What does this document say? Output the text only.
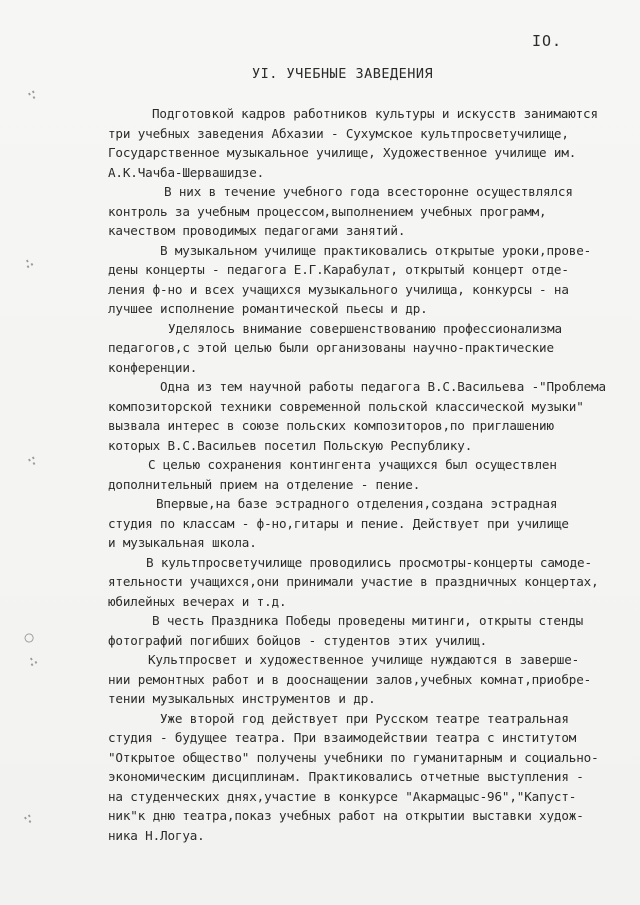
IO.
УI. УЧЕБНЫЕ ЗАВЕДЕНИЯ
Подготовкой кадров работников культуры и искусств занимаются
три учебных заведения Абхазии - Сухумское культпросветучилище,
Государственное музыкальное училище, Художественное училище им.
А.К.Чачба-Шервашидзе.
В них в течение учебного года всесторонне осуществлялся
контроль за учебным процессом,выполнением учебных программ,
качеством проводимых педагогами занятий.
В музыкальном училище практиковались открытые уроки,прове-
дены концерты - педагога Е.Г.Карабулат, открытый концерт отде-
ления ф-но и всех учащихся музыкального училища, конкурсы - на
лучшее исполнение романтической пьесы и др.
Уделялось внимание совершенствованию профессионализма
педагогов,с этой целью были организованы научно-практические
конференции.
Одна из тем научной работы педагога В.С.Васильева -"Проблема
композиторской техники современной польской классической музыки"
вызвала интерес в союзе польских композиторов,по приглашению
которых В.С.Васильев посетил Польскую Республику.
С целью сохранения контингента учащихся был осуществлен
дополнительный прием на отделение - пение.
Впервые,на базе эстрадного отделения,создана эстрадная
студия по классам - ф-но,гитары и пение. Действует при училище
и музыкальная школа.
В культпросветучилище проводились просмотры-концерты самоде-
ятельности учащихся,они принимали участие в праздничных концертах,
юбилейных вечерах и т.д.
В честь Праздника Победы проведены митинги, открыты стенды
фотографий погибших бойцов - студентов этих училищ.
Культпросвет и художественное училище нуждаются в заверше-
нии ремонтных работ и в дооснащении залов,учебных комнат,приобре-
тении музыкальных инструментов и др.
Уже второй год действует при Русском театре театральная
студия - будущее театра. При взаимодействии театра с институтом
"Открытое общество" получены учебники по гуманитарным и социально-
экономическим дисциплинам. Практиковались отчетные выступления -
на студенческих днях,участие в конкурсе "Акармацыс-96","Капуст-
ник"к дню театра,показ учебных работ на открытии выставки худож-
ника Н.Логуа.
∵
∴
∵
○
∴
∵
